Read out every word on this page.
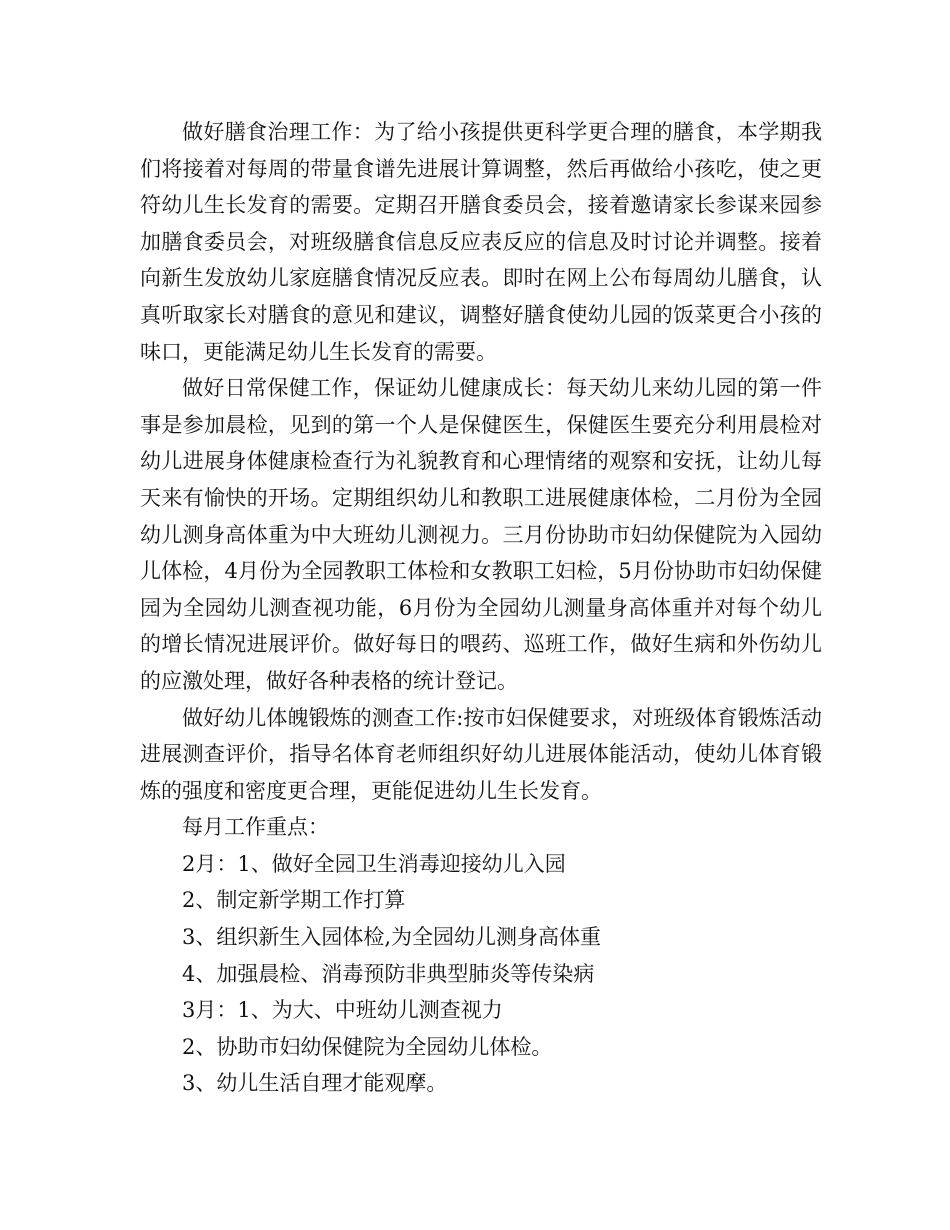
做好膳食治理工作：为了给小孩提供更科学更合理的膳食，本学期我们将接着对每周的带量食谱先进展计算调整，然后再做给小孩吃，使之更符幼儿生长发育的需要。定期召开膳食委员会，接着邀请家长参谋来园参加膳食委员会，对班级膳食信息反应表反应的信息及时讨论并调整。接着向新生发放幼儿家庭膳食情况反应表。即时在网上公布每周幼儿膳食，认真听取家长对膳食的意见和建议，调整好膳食使幼儿园的饭菜更合小孩的味口，更能满足幼儿生长发育的需要。

做好日常保健工作，保证幼儿健康成长：每天幼儿来幼儿园的第一件事是参加晨检，见到的第一个人是保健医生，保健医生要充分利用晨检对幼儿进展身体健康检查行为礼貌教育和心理情绪的观察和安抚，让幼儿每天来有愉快的开场。定期组织幼儿和教职工进展健康体检，二月份为全园幼儿测身高体重为中大班幼儿测视力。三月份协助市妇幼保健院为入园幼儿体检，4月份为全园教职工体检和女教职工妇检，5月份协助市妇幼保健园为全园幼儿测查视功能，6月份为全园幼儿测量身高体重并对每个幼儿的增长情况进展评价。做好每日的喂药、巡班工作，做好生病和外伤幼儿的应激处理，做好各种表格的统计登记。

做好幼儿体魄锻炼的测查工作:按市妇保健要求，对班级体育锻炼活动进展测查评价，指导名体育老师组织好幼儿进展体能活动，使幼儿体育锻炼的强度和密度更合理，更能促进幼儿生长发育。

每月工作重点：

2月：1、做好全园卫生消毒迎接幼儿入园

2、制定新学期工作打算

3、组织新生入园体检,为全园幼儿测身高体重

4、加强晨检、消毒预防非典型肺炎等传染病

3月：1、为大、中班幼儿测查视力

2、协助市妇幼保健院为全园幼儿体检。

3、幼儿生活自理才能观摩。
